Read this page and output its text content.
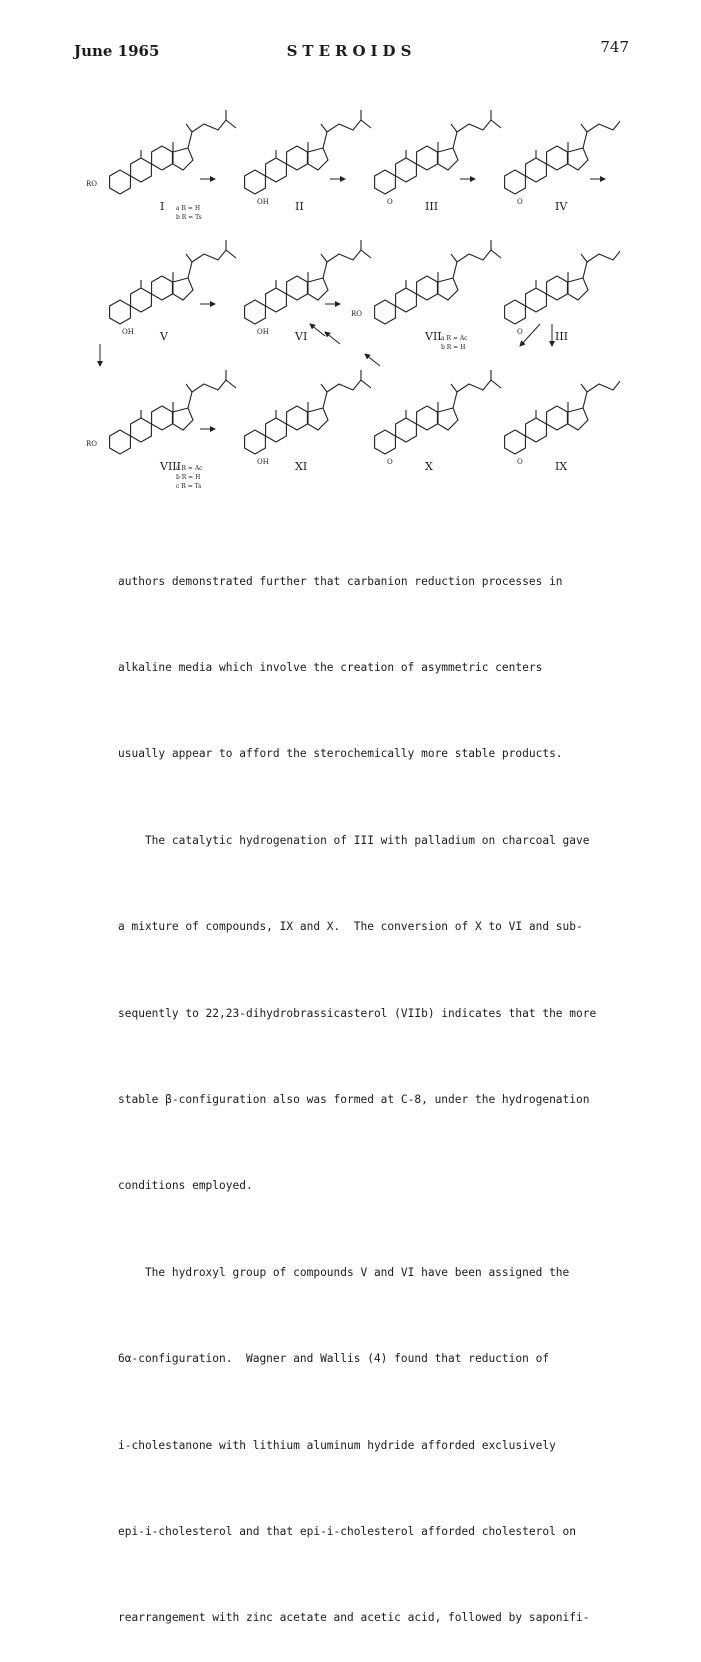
June 1965	STEROIDS	747
RO
I a R = H
b R = Ts
OH II	O	III	O	IV
OH V	OH VI
RO
VII a R = Ac
b R = H
O	III
RO
VIII
a R = Ac
b R = H
c R = Ts
OH XI	O	X	O	IX

authors demonstrated further that carbanion reduction processes in

alkaline media which involve the creation of asymmetric centers

usually appear to afford the sterochemically more stable products.

The catalytic hydrogenation of III with palladium on charcoal gave

a mixture of compounds, IX and X.  The conversion of X to VI and sub-

sequently to 22,23-dihydrobrassicasterol (VIIb) indicates that the more

stable β-configuration also was formed at C-8, under the hydrogenation

conditions employed.

The hydroxyl group of compounds V and VI have been assigned the

6α-configuration.  Wagner and Wallis (4) found that reduction of

i-cholestanone with lithium aluminum hydride afforded exclusively

epi-i-cholesterol and that epi-i-cholesterol afforded cholesterol on

rearrangement with zinc acetate and acetic acid, followed by saponifi-
